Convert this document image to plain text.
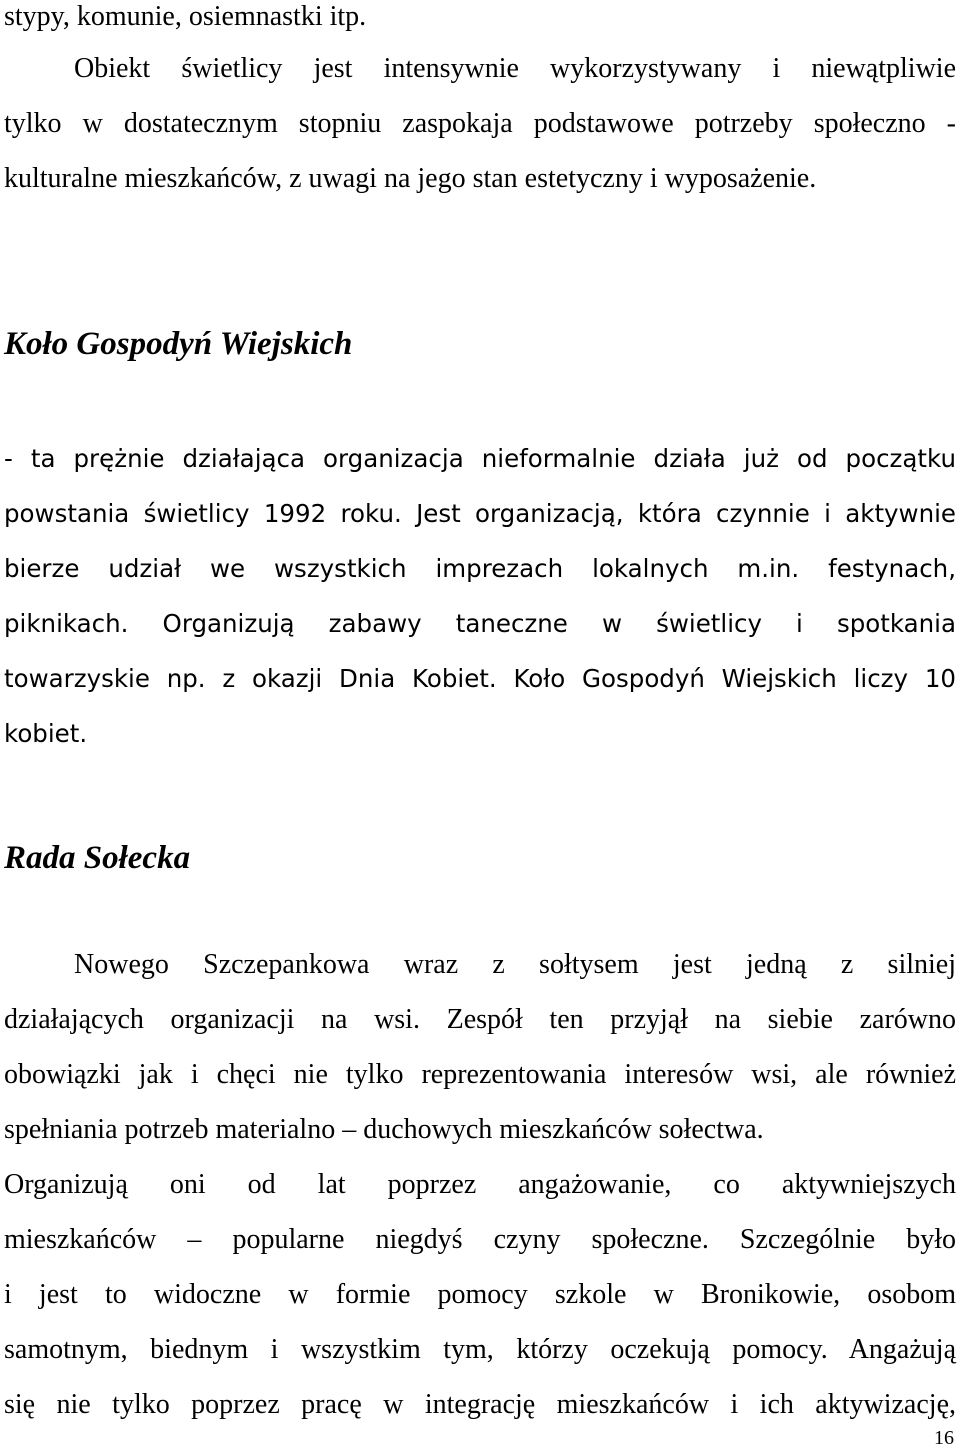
stypy, komunie, osiemnastki itp.
Obiekt świetlicy jest intensywnie wykorzystywany i niewątpliwie
tylko w dostatecznym stopniu zaspokaja podstawowe potrzeby społeczno -
kulturalne mieszkańców, z uwagi na jego stan estetyczny i wyposażenie.
Koło Gospodyń Wiejskich
- ta prężnie działająca organizacja nieformalnie działa już od początku
powstania świetlicy 1992 roku. Jest organizacją, która czynnie i aktywnie
bierze udział we wszystkich imprezach lokalnych m.in. festynach,
piknikach. Organizują zabawy taneczne w świetlicy i spotkania
towarzyskie np. z okazji Dnia Kobiet. Koło Gospodyń Wiejskich liczy 10
kobiet.
Rada Sołecka
Nowego Szczepankowa wraz z sołtysem jest jedną z silniej
działających organizacji na wsi. Zespół ten przyjął na siebie zarówno
obowiązki jak i chęci nie tylko reprezentowania interesów wsi, ale również
spełniania potrzeb materialno – duchowych mieszkańców sołectwa.
Organizują oni od lat poprzez angażowanie, co aktywniejszych
mieszkańców – popularne niegdyś czyny społeczne. Szczególnie było
i jest to widoczne w formie pomocy szkole w Bronikowie, osobom
samotnym, biednym i wszystkim tym, którzy oczekują pomocy. Angażują
się nie tylko poprzez pracę w integrację mieszkańców i ich aktywizację,
16
